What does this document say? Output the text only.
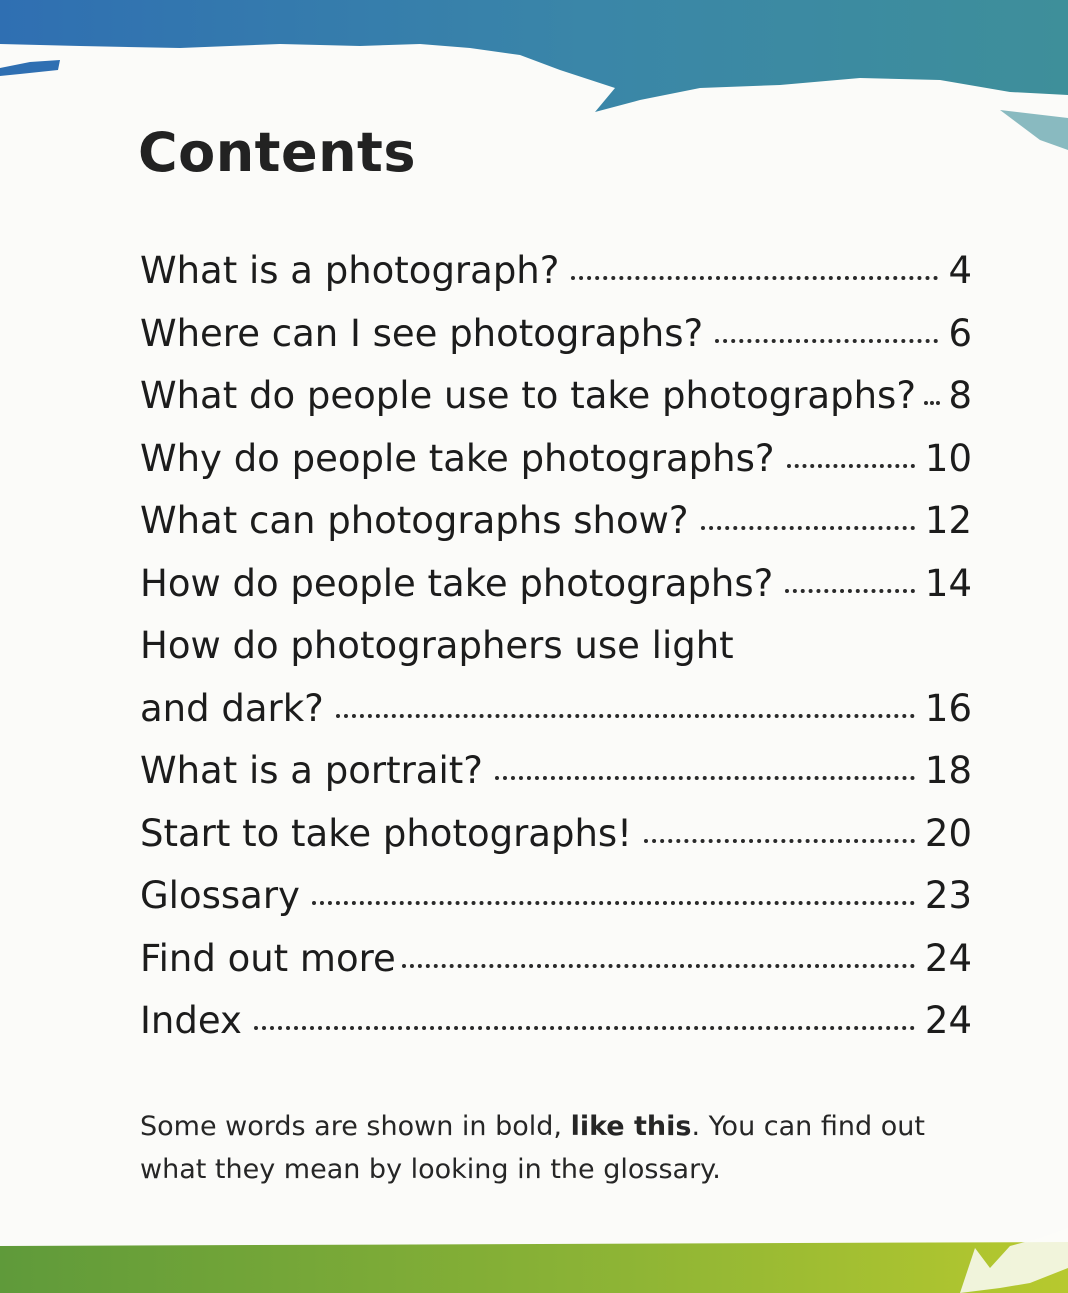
Contents
What is a photograph?	4
Where can I see photographs?	6
What do people use to take photographs? 8
Why do people take photographs?	10
What can photographs show?	12
How do people take photographs?	14
How do photographers use light
and dark?	16
What is a portrait?	18
Start to take photographs!	20
Glossary	23
Find out more	24
Index	24
Some words are shown in bold, like this. You can find out what they mean by looking in the glossary.
